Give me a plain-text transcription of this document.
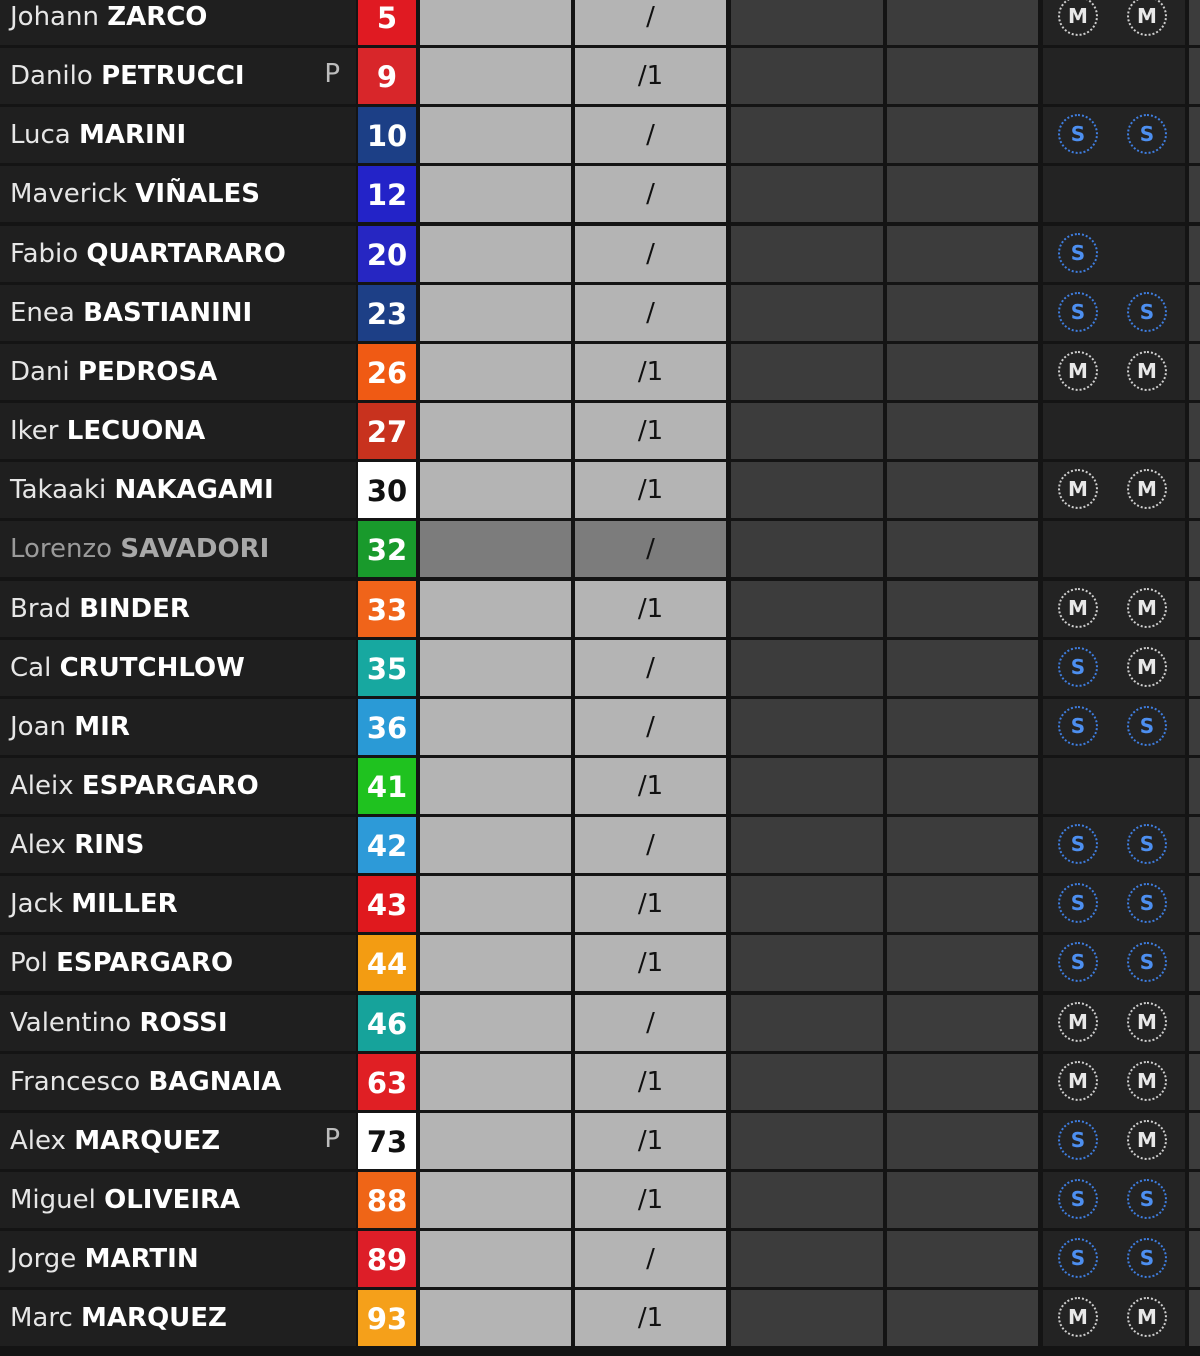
Johann ZARCO	5	/	M	M
Danilo PETRUCCI	P	9	/1
Luca MARINI	10	/	S	S
Maverick VIÑALES	12	/
Fabio QUARTARARO	20	/	S
Enea BASTIANINI	23	/	S	S
Dani PEDROSA	26	/1	M	M
Iker LECUONA	27	/1
Takaaki NAKAGAMI	30	/1	M	M
Lorenzo SAVADORI	32	/
Brad BINDER	33	/1	M	M
Cal CRUTCHLOW	35	/	S	M
Joan MIR	36	/	S	S
Aleix ESPARGARO	41	/1
Alex RINS	42	/	S	S
Jack MILLER	43	/1	S	S
Pol ESPARGARO	44	/1	S	S
Valentino ROSSI	46	/	M	M
Francesco BAGNAIA	63	/1	M	M
Alex MARQUEZ	P 73	/1	S	M
Miguel OLIVEIRA	88	/1	S	S
Jorge MARTIN	89	/	S	S
Marc MARQUEZ	93	/1	M	M
